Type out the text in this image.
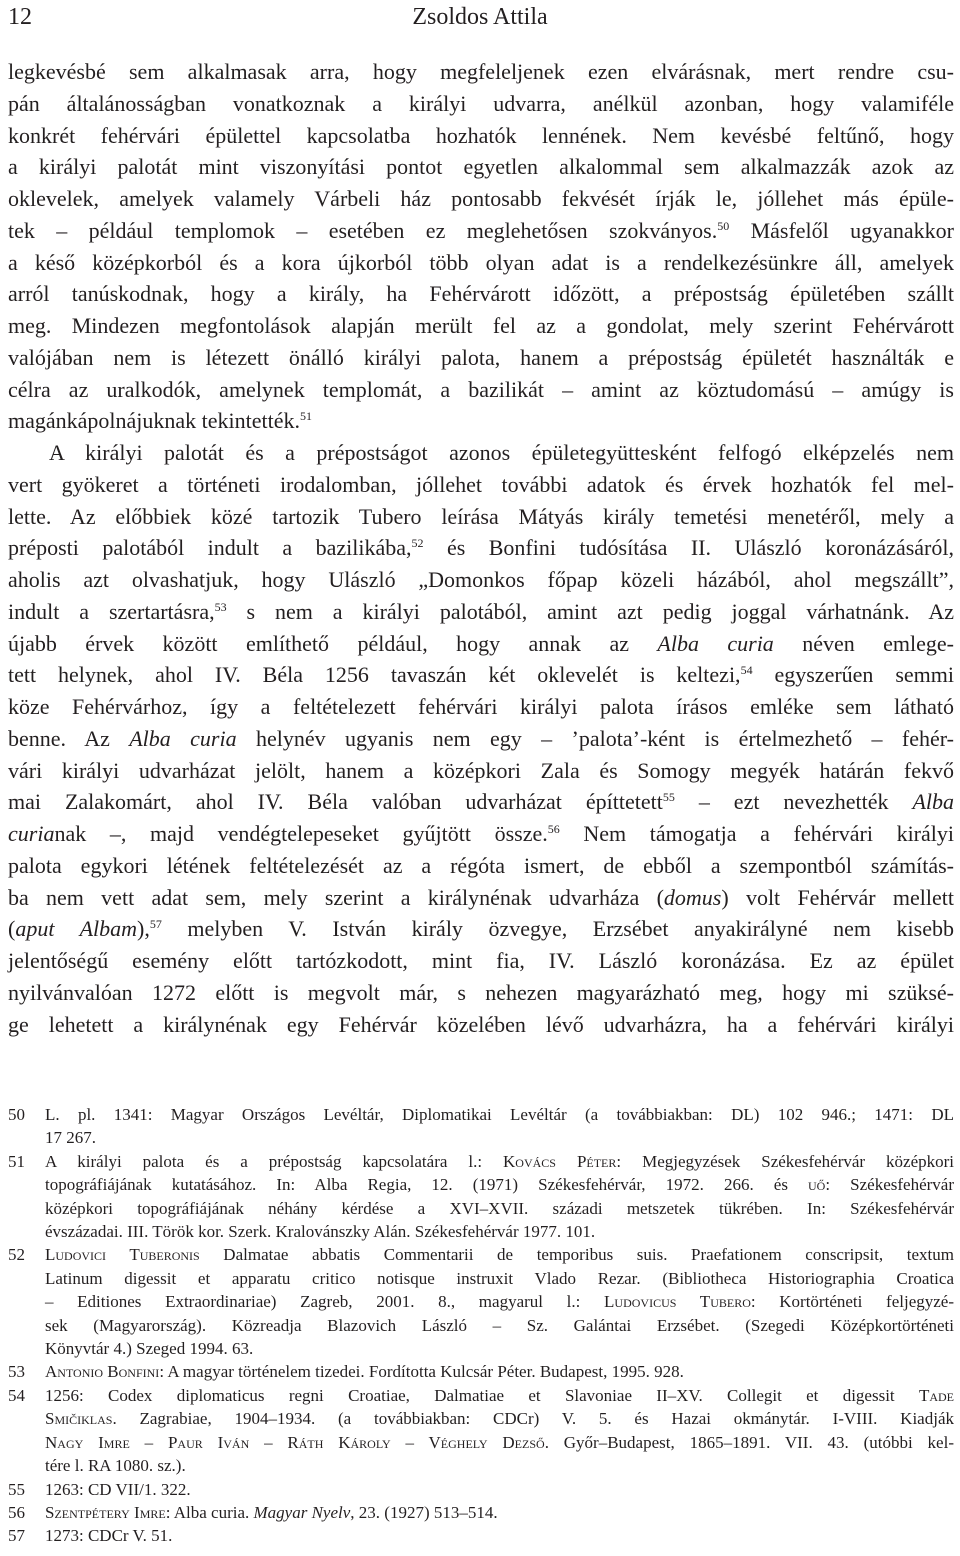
12	Zsoldos Attila

legkevésbé sem alkalmasak arra, hogy megfeleljenek ezen elvárásnak, mert rendre csu-
pán általánosságban vonatkoznak a királyi udvarra, anélkül azonban, hogy valamiféle
konkrét fehérvári épülettel kapcsolatba hozhatók lennének. Nem kevésbé feltűnő, hogy
a királyi palotát mint viszonyítási pontot egyetlen alkalommal sem alkalmazzák azok az
oklevelek, amelyek valamely Várbeli ház pontosabb fekvését írják le, jóllehet más épüle-
tek – például templomok – esetében ez meglehetősen szokványos.$^{50}$ Másfelől ugyanakkor
a késő középkorból és a kora újkorból több olyan adat is a rendelkezésünkre áll, amelyek
arról tanúskodnak, hogy a király, ha Fehérvárott időzött, a prépostság épületében szállt
meg. Mindezen megfontolások alapján merült fel az a gondolat, mely szerint Fehérvárott
valójában nem is létezett önálló királyi palota, hanem a prépostság épületét használták e
célra az uralkodók, amelynek templomát, a bazilikát – amint az köztudomású – amúgy is
magánkápolnájuknak tekintették.$^{51}$

A királyi palotát és a prépostságot azonos épületegyüttesként felfogó elképzelés nem
vert gyökeret a történeti irodalomban, jóllehet további adatok és érvek hozhatók fel mel-
lette. Az előbbiek közé tartozik Tubero leírása Mátyás király temetési menetéről, mely a
préposti palotából indult a bazilikába,$^{52}$ és Bonfini tudósítása II. Ulászló koronázásáról,
aholis azt olvashatjuk, hogy Ulászló „Domonkos főpap közeli házából, ahol megszállt”,
indult a szertartásra,$^{53}$ s nem a királyi palotából, amint azt pedig joggal várhatnánk. Az
újabb érvek között említhető például, hogy annak az Alba curia néven emlege-
tett helynek, ahol IV. Béla 1256 tavaszán két oklevelét is keltezi,$^{54}$ egyszerűen semmi
köze Fehérvárhoz, így a feltételezett fehérvári királyi palota írásos emléke sem látható
benne. Az Alba curia helynév ugyanis nem egy – ’palota’-ként is értelmezhető – fehér-
vári királyi udvarházat jelölt, hanem a középkori Zala és Somogy megyék határán fekvő
mai Zalakomárt, ahol IV. Béla valóban udvarházat építtetett$^{55}$ – ezt nevezhették Alba
curianak –, majd vendégtelepeseket gyűjtött össze.$^{56}$ Nem támogatja a fehérvári királyi
palota egykori létének feltételezését az a régóta ismert, de ebből a szempontból számítás-
ba nem vett adat sem, mely szerint a királynénak udvarháza (domus) volt Fehérvár mellett
(aput Albam),$^{57}$ melyben V. István király özvegye, Erzsébet anyakirályné nem kisebb
jelentőségű esemény előtt tartózkodott, mint fia, IV. László koronázása. Ez az épület
nyilvánvalóan 1272 előtt is megvolt már, s nehezen magyarázható meg, hogy mi szüksé-
ge lehetett a királynénak egy Fehérvár közelében lévő udvarházra, ha a fehérvári királyi

50 L. pl. 1341: Magyar Országos Levéltár, Diplomatikai Levéltár (a továbbiakban: DL) 102 946.; 1471: DL
17 267.
51 A királyi palota és a prépostság kapcsolatára l.: Kovács Péter: Megjegyzések Székesfehérvár középkori
topográfiájának kutatásához. In: Alba Regia, 12. (1971) Székesfehérvár, 1972. 266. és uő: Székesfehérvár
középkori topográfiájának néhány kérdése a XVI–XVII. századi metszetek tükrében. In: Székesfehérvár
évszázadai. III. Török kor. Szerk. Kralovánszky Alán. Székesfehérvár 1977. 101.
52 Ludovici Tuberonis Dalmatae abbatis Commentarii de temporibus suis. Praefationem conscripsit, textum
Latinum digessit et apparatu critico notisque instruxit Vlado Rezar. (Bibliotheca Historiographia Croatica
– Editiones Extraordinariae) Zagreb, 2001. 8., magyarul l.: Ludovicus Tubero: Kortörténeti feljegyzé-
sek (Magyarország). Közreadja Blazovich László – Sz. Galántai Erzsébet. (Szegedi Középkortörténeti
Könyvtár 4.) Szeged 1994. 63.
53 Antonio Bonfini: A magyar történelem tizedei. Fordította Kulcsár Péter. Budapest, 1995. 928.
54 1256: Codex diplomaticus regni Croatiae, Dalmatiae et Slavoniae II–XV. Collegit et digessit Tade
Smičiklas. Zagrabiae, 1904–1934. (a továbbiakban: CDCr) V. 5. és Hazai okmánytár. I-VIII. Kiadják
Nagy Imre – Paur Iván – Ráth Károly – Véghely Dezső. Győr–Budapest, 1865–1891. VII. 43. (utóbbi kel-
tére l. RA 1080. sz.).
55 1263: CD VII/1. 322.
56 Szentpétery Imre: Alba curia. Magyar Nyelv, 23. (1927) 513–514.
57 1273: CDCr V. 51.
